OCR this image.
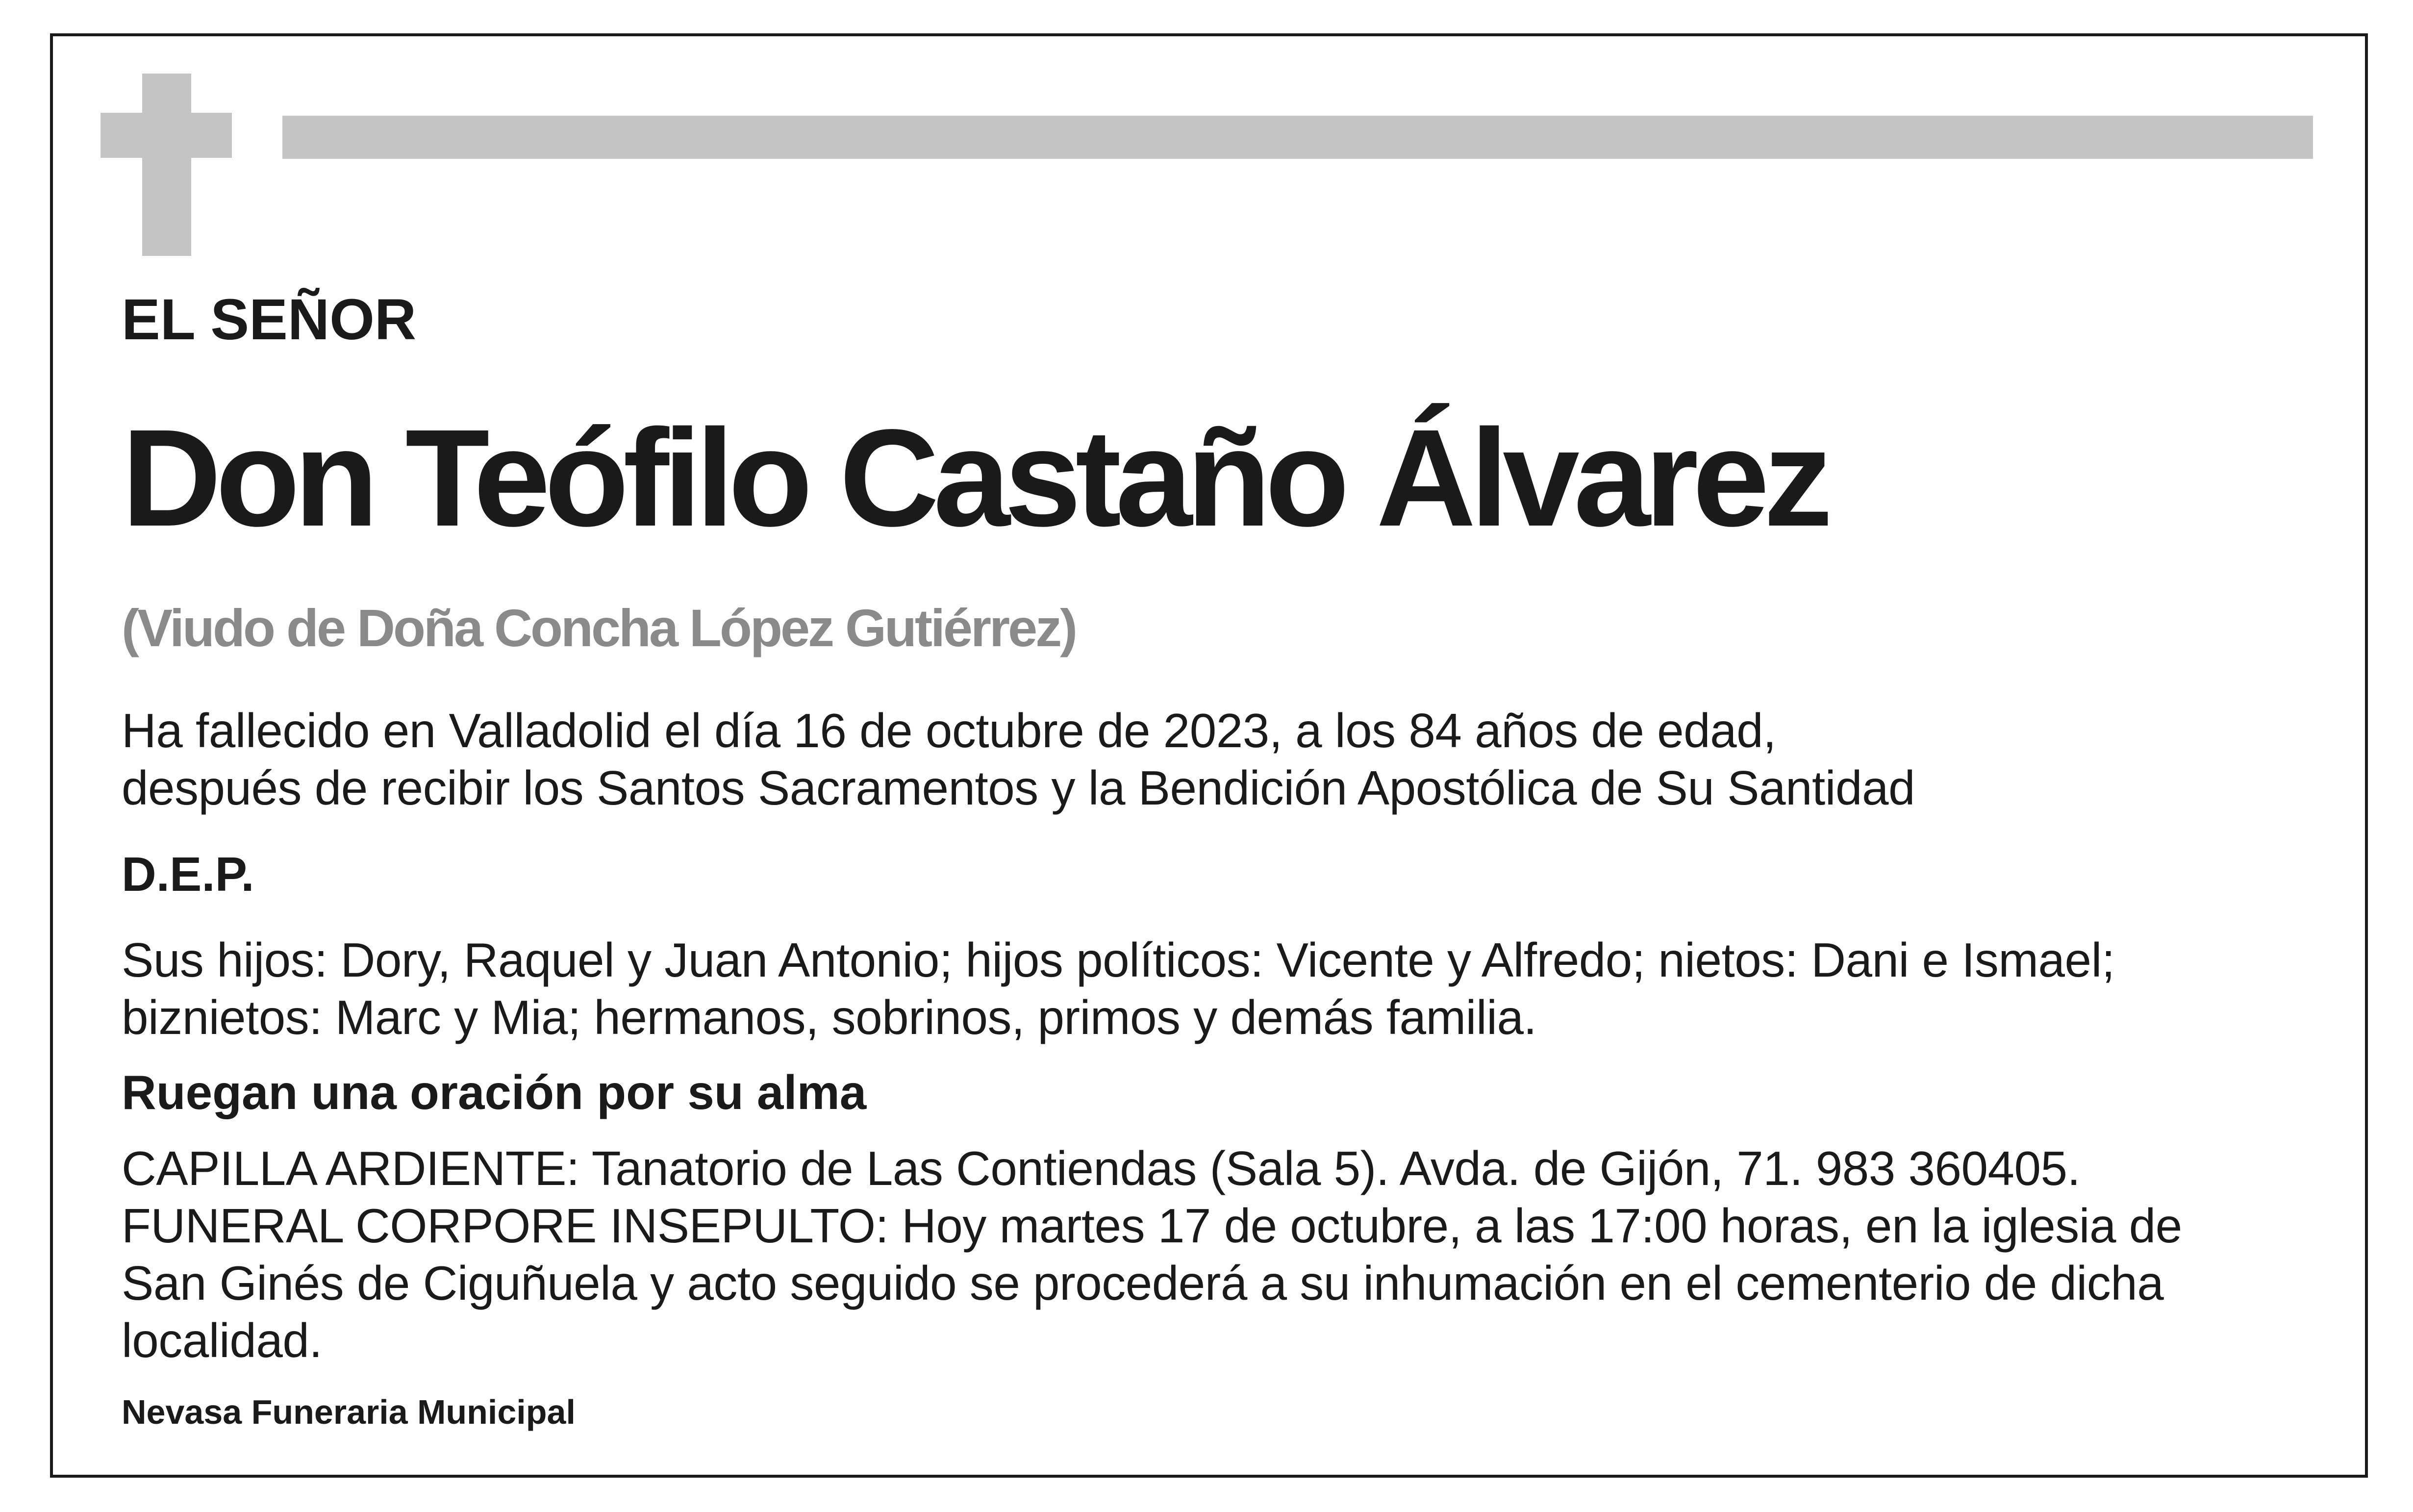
EL SEÑOR

Don Teófilo Castaño Álvarez

(Viudo de Doña Concha López Gutiérrez)

Ha fallecido en Valladolid el día 16 de octubre de 2023, a los 84 años de edad,
después de recibir los Santos Sacramentos y la Bendición Apostólica de Su Santidad

D.E.P.

Sus hijos: Dory, Raquel y Juan Antonio; hijos políticos: Vicente y Alfredo; nietos: Dani e Ismael;
biznietos: Marc y Mia; hermanos, sobrinos, primos y demás familia.

Ruegan una oración por su alma

CAPILLA ARDIENTE: Tanatorio de Las Contiendas (Sala 5). Avda. de Gijón, 71. 983 360405.
FUNERAL CORPORE INSEPULTO: Hoy martes 17 de octubre, a las 17:00 horas, en la iglesia de
San Ginés de Ciguñuela y acto seguido se procederá a su inhumación en el cementerio de dicha
localidad.

Nevasa Funeraria Municipal
